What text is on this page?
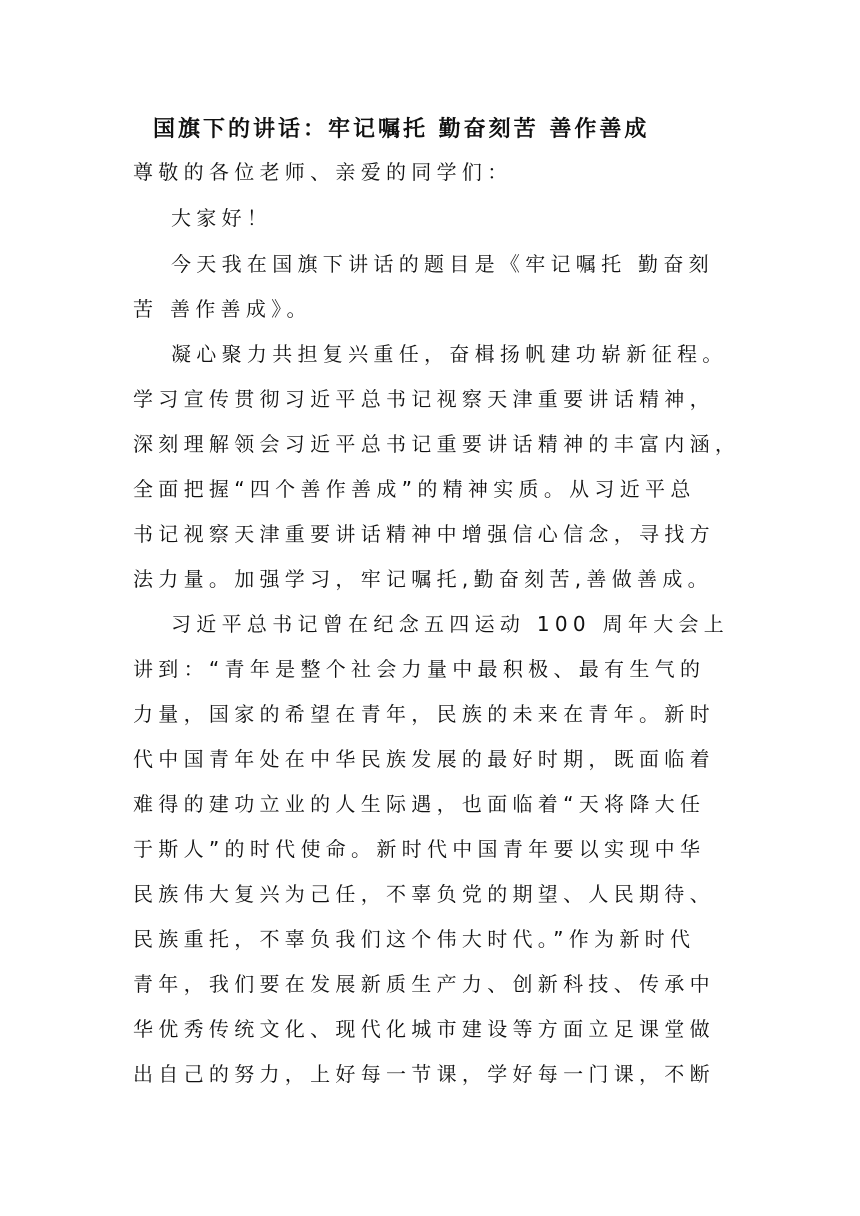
国旗下的讲话：牢记嘱托 勤奋刻苦 善作善成
尊敬的各位老师、亲爱的同学们：
大家好！
今天我在国旗下讲话的题目是《牢记嘱托 勤奋刻
苦 善作善成》。
凝心聚力共担复兴重任，奋楫扬帆建功崭新征程。
学习宣传贯彻习近平总书记视察天津重要讲话精神，
深刻理解领会习近平总书记重要讲话精神的丰富内涵，
全面把握“四个善作善成”的精神实质。从习近平总
书记视察天津重要讲话精神中增强信心信念，寻找方
法力量。加强学习，牢记嘱托,勤奋刻苦,善做善成。
习近平总书记曾在纪念五四运动 100 周年大会上
讲到：“青年是整个社会力量中最积极、最有生气的
力量，国家的希望在青年，民族的未来在青年。新时
代中国青年处在中华民族发展的最好时期，既面临着
难得的建功立业的人生际遇，也面临着“天将降大任
于斯人”的时代使命。新时代中国青年要以实现中华
民族伟大复兴为己任，不辜负党的期望、人民期待、
民族重托，不辜负我们这个伟大时代。”作为新时代
青年，我们要在发展新质生产力、创新科技、传承中
华优秀传统文化、现代化城市建设等方面立足课堂做
出自己的努力，上好每一节课，学好每一门课，不断
